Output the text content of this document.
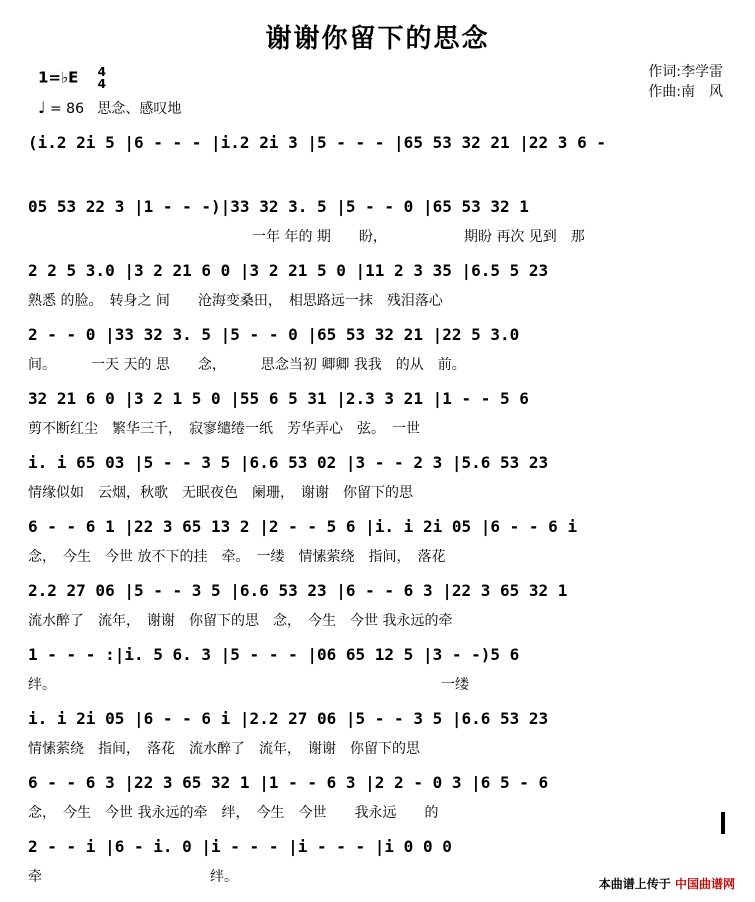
谢谢你留下的思念
作词:李学雷
作曲:南　风
1=♭E 4
4
♩ = 86 思念、感叹地
(i.2 2i 5 |6 - - - |i.2 2i 3 |5 - - - |65 53 32 21 |22 3 6 -
05 53 22 3 |1 - - -)|33 32 3. 5 |5 - - 0 |65 53 32 1
　　　　　　　　　　　　　　　　一年 年的 期　　盼，　　　　　　期盼 再次 见到　那
2 2 5 3.0 |3 2 21 6 0 |3 2 21 5 0 |11 2 3 35 |6.5 5 23
熟悉 的脸。　转身之 间　　沧海变桑田，　相思路远一抹　残泪落心
2 - - 0 |33 32 3. 5 |5 - - 0 |65 53 32 21 |22 5 3.0
间。　　　一天 天的 思　　念，　　　思念当初 卿卿 我我　的从　前。
32 21 6 0 |3 2 1 5 0 |55 6 5 31 |2.3 3 21 |1 - - 5 6
剪不断红尘　繁华三千，　寂寥缱绻一纸　芳华弄心　弦。　一世
i. i 65 03 |5 - - 3 5 |6.6 53 02 |3 - - 2 3 |5.6 53 23
情缘似如　云烟，秋歌　无眠夜色　阑珊，　谢谢　你留下的思
6 - - 6 1 |22 3 65 13 2 |2 - - 5 6 |i. i 2i 05 |6 - - 6 i
念，　今生　今世 放不下的挂　牵。　一缕　情愫萦绕　指间，　落花
2.2 27 06 |5 - - 3 5 |6.6 53 23 |6 - - 6 3 |22 3 65 32 1
流水醉了　流年，　谢谢　你留下的思　念，　今生　今世 我永远的牵
1 - - - :|i. 5 6. 3 |5 - - - |06 65 12 5 |3 - -)5 6
绊。　　　　　　　　　　　　　　　　　　　　　　　　　　　　一缕
i. i 2i 05 |6 - - 6 i |2.2 27 06 |5 - - 3 5 |6.6 53 23
情愫萦绕　指间，　落花　流水醉了　流年，　谢谢　你留下的思
6 - - 6 3 |22 3 65 32 1 |1 - - 6 3 |2 2 - 0 3 |6 5 - 6
念，　今生　今世 我永远的牵　绊，　今生　今世　　我永远　　的
2 - - i |6 - i. 0 |i - - - |i - - - |i 0 0 0
牵　　　　　　　　　　　　绊。	本曲谱上传于 中国曲谱网
